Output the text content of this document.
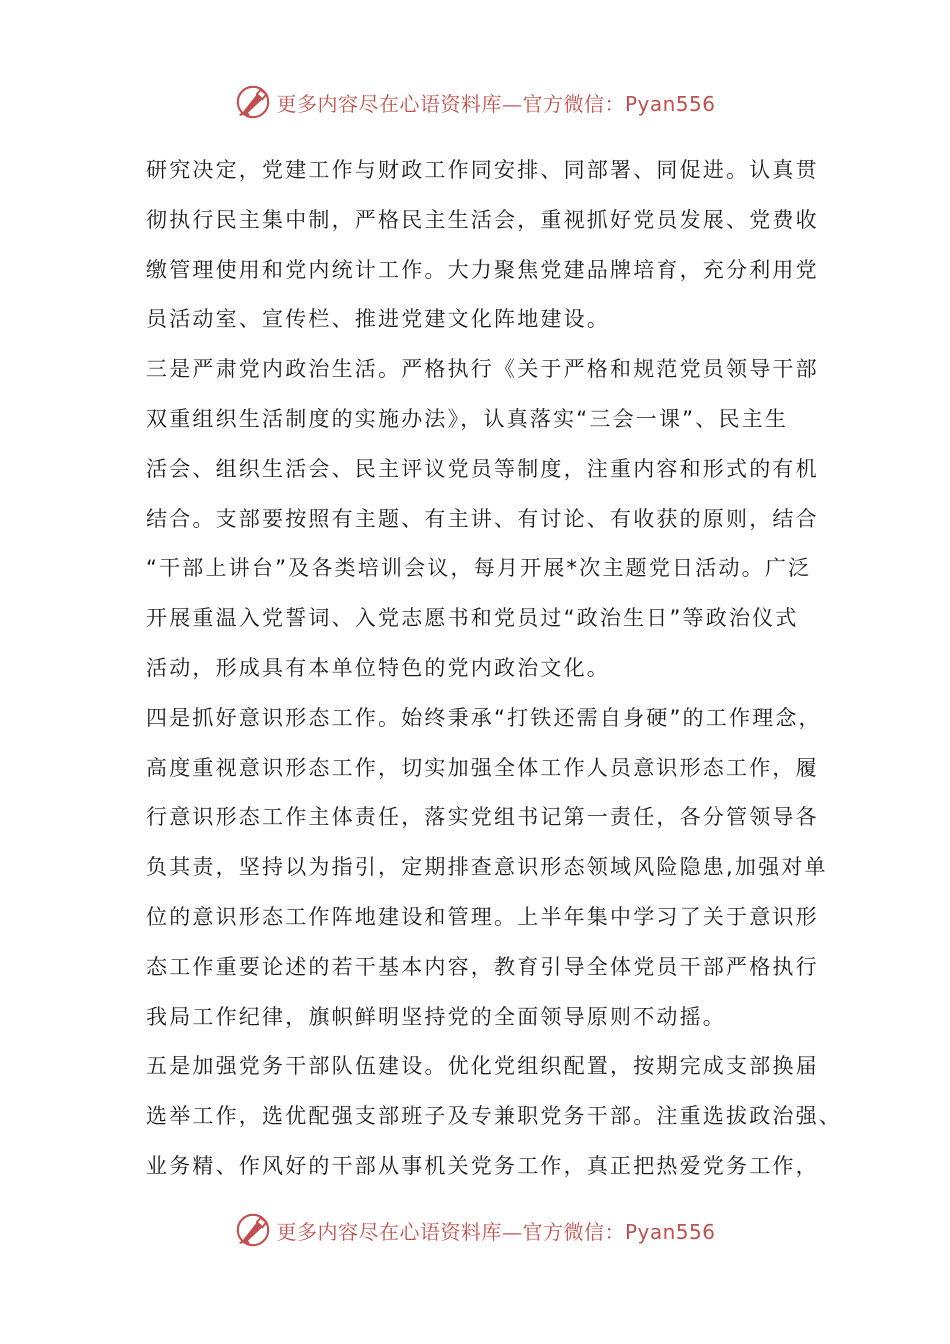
更多内容尽在心语资料库—官方微信：Pyan556
研究决定，党建工作与财政工作同安排、同部署、同促进。认真贯
彻执行民主集中制，严格民主生活会，重视抓好党员发展、党费收
缴管理使用和党内统计工作。大力聚焦党建品牌培育，充分利用党
员活动室、宣传栏、推进党建文化阵地建设。
三是严肃党内政治生活。严格执行《关于严格和规范党员领导干部
双重组织生活制度的实施办法》，认真落实“三会一课”、民主生
活会、组织生活会、民主评议党员等制度，注重内容和形式的有机
结合。支部要按照有主题、有主讲、有讨论、有收获的原则，结合
“干部上讲台”及各类培训会议，每月开展*次主题党日活动。广泛
开展重温入党誓词、入党志愿书和党员过“政治生日”等政治仪式
活动，形成具有本单位特色的党内政治文化。
四是抓好意识形态工作。始终秉承“打铁还需自身硬”的工作理念，
高度重视意识形态工作，切实加强全体工作人员意识形态工作，履
行意识形态工作主体责任，落实党组书记第一责任，各分管领导各
负其责，坚持以为指引，定期排查意识形态领域风险隐患,加强对单
位的意识形态工作阵地建设和管理。上半年集中学习了关于意识形
态工作重要论述的若干基本内容，教育引导全体党员干部严格执行
我局工作纪律，旗帜鲜明坚持党的全面领导原则不动摇。
五是加强党务干部队伍建设。优化党组织配置，按期完成支部换届
选举工作，选优配强支部班子及专兼职党务干部。注重选拔政治强、
业务精、作风好的干部从事机关党务工作，真正把热爱党务工作，
更多内容尽在心语资料库—官方微信：Pyan556
